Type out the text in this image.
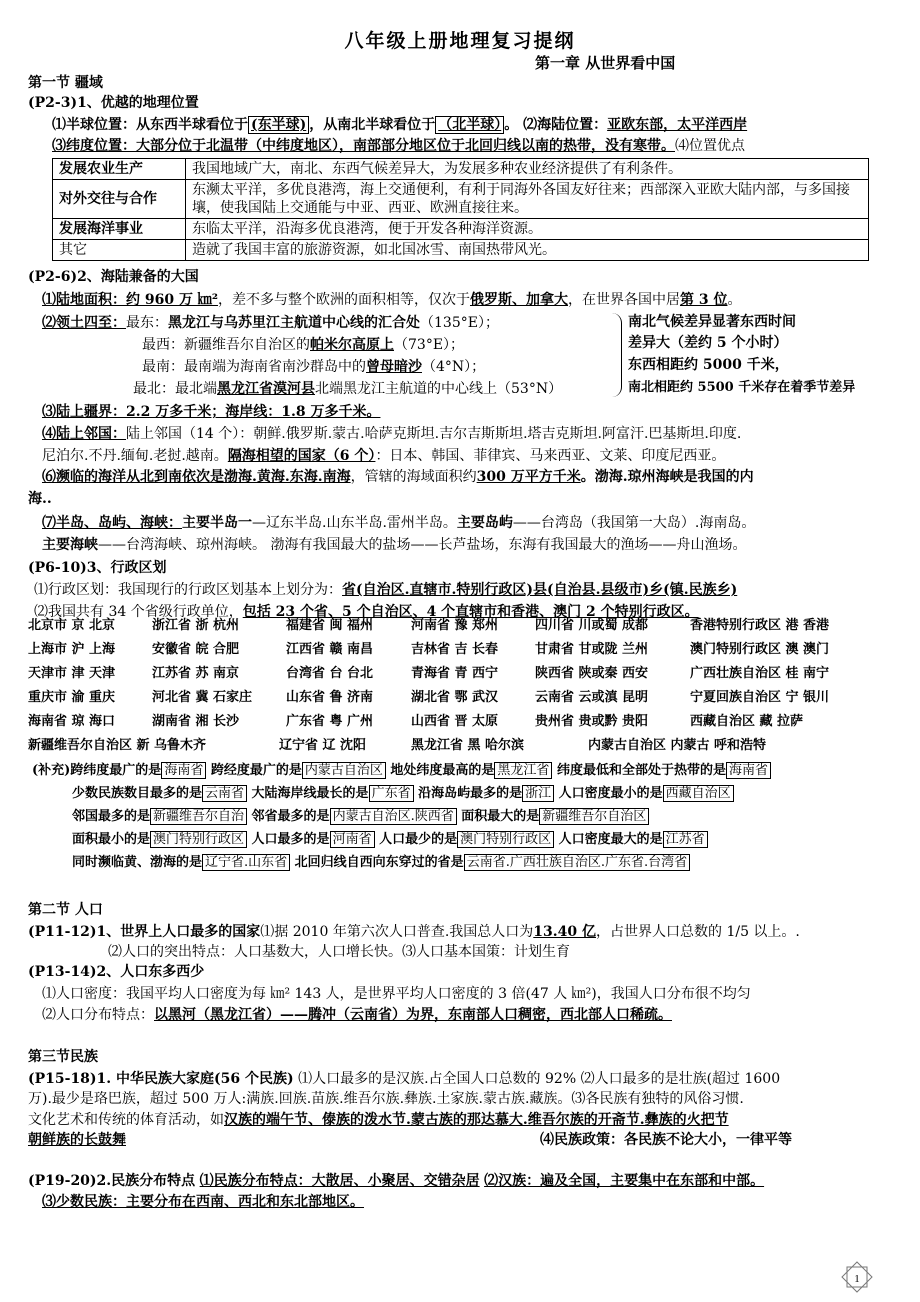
八年级上册地理复习提纲
第一章 从世界看中国
第一节 疆域
(P2-3)1、优越的地理位置
⑴半球位置：从东西半球看位于 (东半球) ，从南北半球看位于 （北半球） 。 ⑵海陆位置：亚欧东部，太平洋西岸
⑶纬度位置：大部分位于北温带（中纬度地区），南部部分地区位于北回归线以南的热带，没有寒带。⑷位置优点
发展农业生产	我国地域广大，南北、东西气候差异大，为发展多种农业经济提供了有利条件。
对外交往与合作	东濒太平洋，多优良港湾，海上交通便利，有利于同海外各国友好往来；西部深入亚欧大陆内部，与多国接壤，使我国陆上交通能与中亚、西亚、欧洲直接往来。
发展海洋事业	东临太平洋，沿海多优良港湾，便于开发各种海洋资源。
其它	造就了我国丰富的旅游资源，如北国冰雪、南国热带风光。
(P2-6)2、海陆兼备的大国
⑴陆地面积：约 960 万 ㎞²，差不多与整个欧洲的面积相等，仅次于俄罗斯、加拿大，在世界各国中居第 3 位。
⑵领土四至：最东：黑龙江与乌苏里江主航道中心线的汇合处（135°E）；
最西：新疆维吾尔自治区的帕米尔高原上（73°E）；
最南：最南端为海南省南沙群岛中的曾母暗沙（4°N）；
最北：最北端黑龙江省漠河县北端黑龙江主航道的中心线上（53°N）
南北气候差异显著东西时间
差异大（差约 5 个小时）
东西相距约 5000 千米，
南北相距约 5500 千米存在着季节差异
⑶陆上疆界：2.2 万多千米；海岸线：1.8 万多千米。
⑷陆上邻国：陆上邻国（14 个）：朝鲜.俄罗斯.蒙古.哈萨克斯坦.吉尔吉斯斯坦.塔吉克斯坦.阿富汗.巴基斯坦.印度.
尼泊尔.不丹.缅甸.老挝.越南。隔海相望的国家（6 个）：日本、韩国、菲律宾、马来西亚、文莱、印度尼西亚。
⑹濒临的海洋从北到南依次是渤海.黄海.东海.南海，管辖的海域面积约300 万平方千米。渤海.琼州海峡是我国的内
海..
⑺半岛、岛屿、海峡：主要半岛一—辽东半岛.山东半岛.雷州半岛。主要岛屿——台湾岛（我国第一大岛）.海南岛。
主要海峡——台湾海峡、琼州海峡。 渤海有我国最大的盐场——长芦盐场，东海有我国最大的渔场——舟山渔场。
(P6-10)3、行政区划
⑴行政区划：我国现行的行政区划基本上划分为：省(自治区.直辖市.特别行政区)县(自治县.县级市)乡(镇.民族乡)
⑵我国共有 34 个省级行政单位，包括 23 个省、5 个自治区、4 个直辖市和香港、澳门 2 个特别行政区。
北京市 京 北京	浙江省 浙 杭州	福建省 闽 福州	河南省 豫 郑州	四川省 川或蜀 成都	香港特别行政区 港 香港
上海市 沪 上海	安徽省 皖 合肥	江西省 赣 南昌	吉林省 吉 长春	甘肃省 甘或陇 兰州	澳门特别行政区 澳 澳门
天津市 津 天津	江苏省 苏 南京	台湾省 台 台北	青海省 青 西宁	陕西省 陕或秦 西安	广西壮族自治区 桂 南宁
重庆市 渝 重庆	河北省 冀 石家庄	山东省 鲁 济南	湖北省 鄂 武汉	云南省 云或滇 昆明	宁夏回族自治区 宁 银川
海南省 琼 海口	湖南省 湘 长沙	广东省 粤 广州	山西省 晋 太原	贵州省 贵或黔 贵阳	西藏自治区 藏 拉萨
新疆维吾尔自治区 新 乌鲁木齐	辽宁省 辽 沈阳	黑龙江省 黑 哈尔滨	内蒙古自治区 内蒙古 呼和浩特
(补充)跨纬度最广的是 海南省 跨经度最广的是 内蒙古自治区 地处纬度最高的是 黑龙江省 纬度最低和全部处于热带的是 海南省
少数民族数目最多的是 云南省 大陆海岸线最长的是 广东省 沿海岛屿最多的是 浙江 人口密度最小的是 西藏自治区
邻国最多的是 新疆维吾尔自治 邻省最多的是 内蒙古自治区.陕西省 面积最大的是 新疆维吾尔自治区
面积最小的是 澳门特别行政区 人口最多的是 河南省 人口最少的是 澳门特别行政区 人口密度最大的是 江苏省
同时濒临黄、渤海的是 辽宁省.山东省 北回归线自西向东穿过的省是 云南省.广西壮族自治区.广东省.台湾省
第二节 人口
(P11-12)1、世界上人口最多的国家⑴据 2010 年第六次人口普查.我国总人口为13.40 亿，占世界人口总数的 1/5 以上。.
⑵人口的突出特点：人口基数大，人口增长快。⑶人口基本国策：计划生育
(P13-14)2、人口东多西少
⑴人口密度：我国平均人口密度为每 ㎞² 143 人，是世界平均人口密度的 3 倍(47 人 ㎞²)，我国人口分布很不均匀
⑵人口分布特点：以黑河（黑龙江省）——腾冲（云南省）为界，东南部人口稠密，西北部人口稀疏。
第三节民族
(P15-18)1. 中华民族大家庭(56 个民族) ⑴人口最多的是汉族.占全国人口总数的 92% ⑵人口最多的是壮族(超过 1600
万).最少是珞巴族，超过 500 万人:满族.回族.苗族.维吾尔族.彝族.土家族.蒙古族.藏族。⑶各民族有独特的风俗习惯.
文化艺术和传统的体育活动，如汉族的端午节、傣族的泼水节.蒙古族的那达慕大.维吾尔族的开斋节.彝族的火把节
朝鲜族的长鼓舞	⑷民族政策：各民族不论大小，一律平等
(P19-20)2.民族分布特点 ⑴民族分布特点：大散居、小聚居、交错杂居 ⑵汉族：遍及全国，主要集中在东部和中部。
⑶少数民族：主要分布在西南、西北和东北部地区。
1
